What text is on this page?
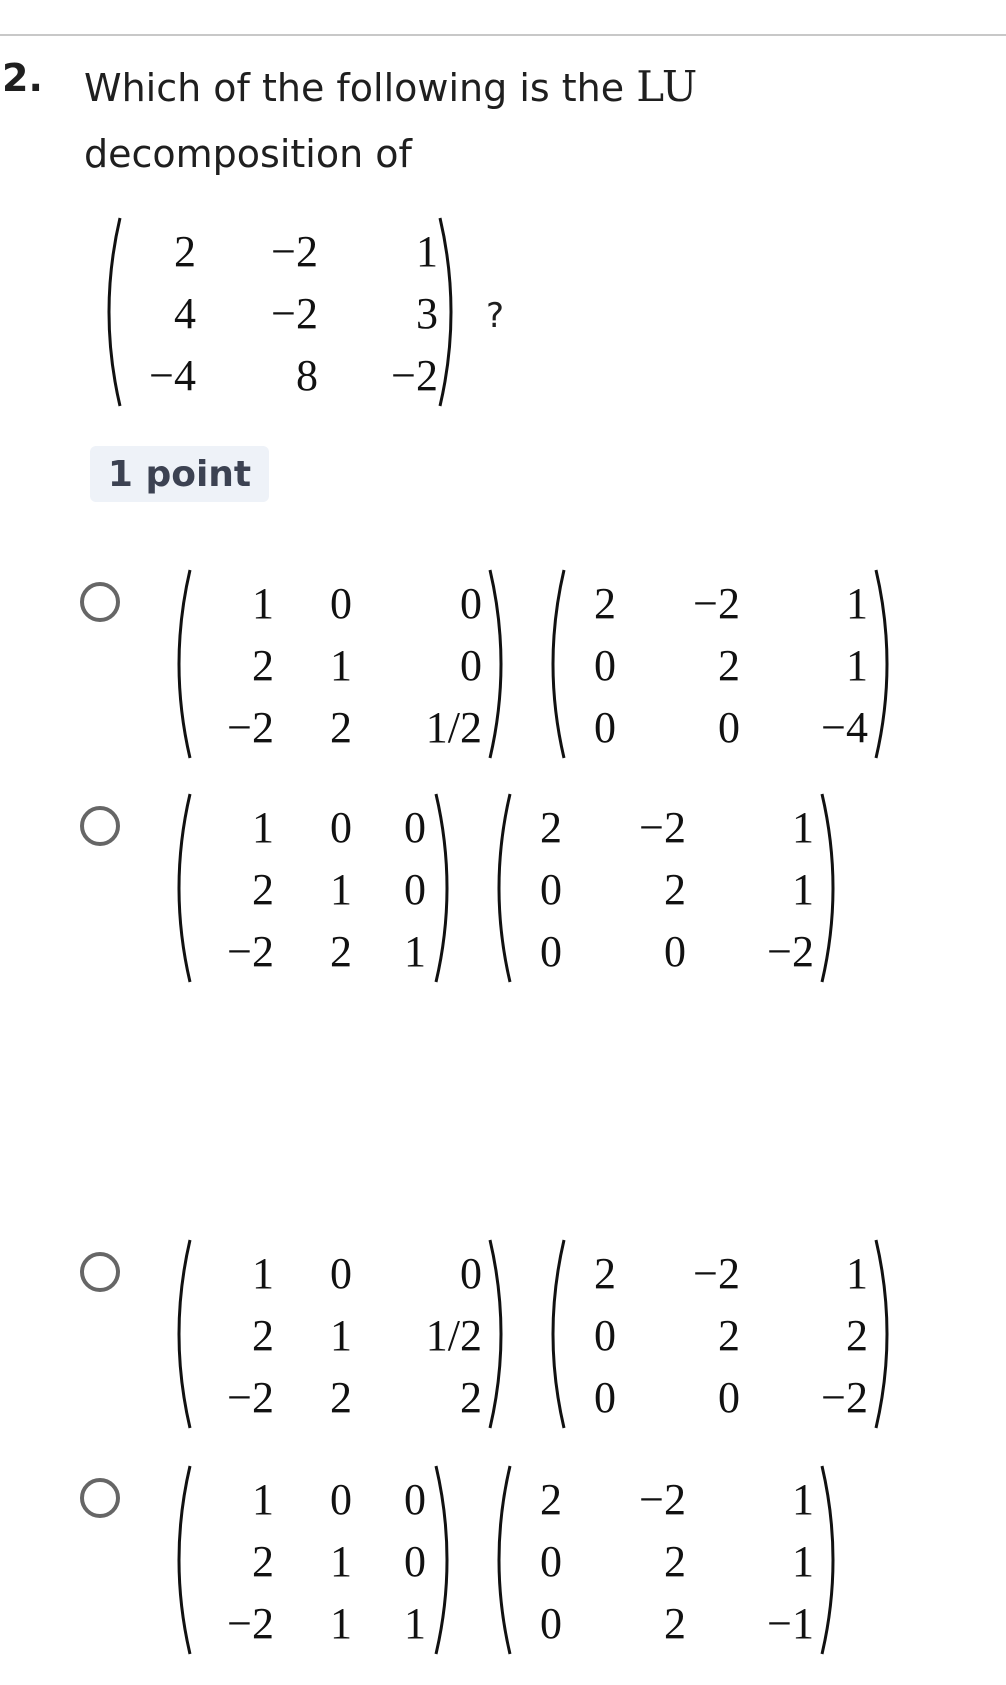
2. Which of the following is the LU
decomposition of
2 −2 1
4 −2 3
−4 8 −2
?
1 point
1 0 0
2 1 0
−2 2 1/2
2 −2 1
0 2 1
0 0 −4
1 0 0
2 1 0
−2 2 1
2 −2 1
0 2 1
0 0 −2
1 0 0
2 1 1/2
−2 2 2
2 −2 1
0 2 2
0 0 −2
1 0 0
2 1 0
−2 1 1
2 −2 1
0 2 1
0 2 −1
